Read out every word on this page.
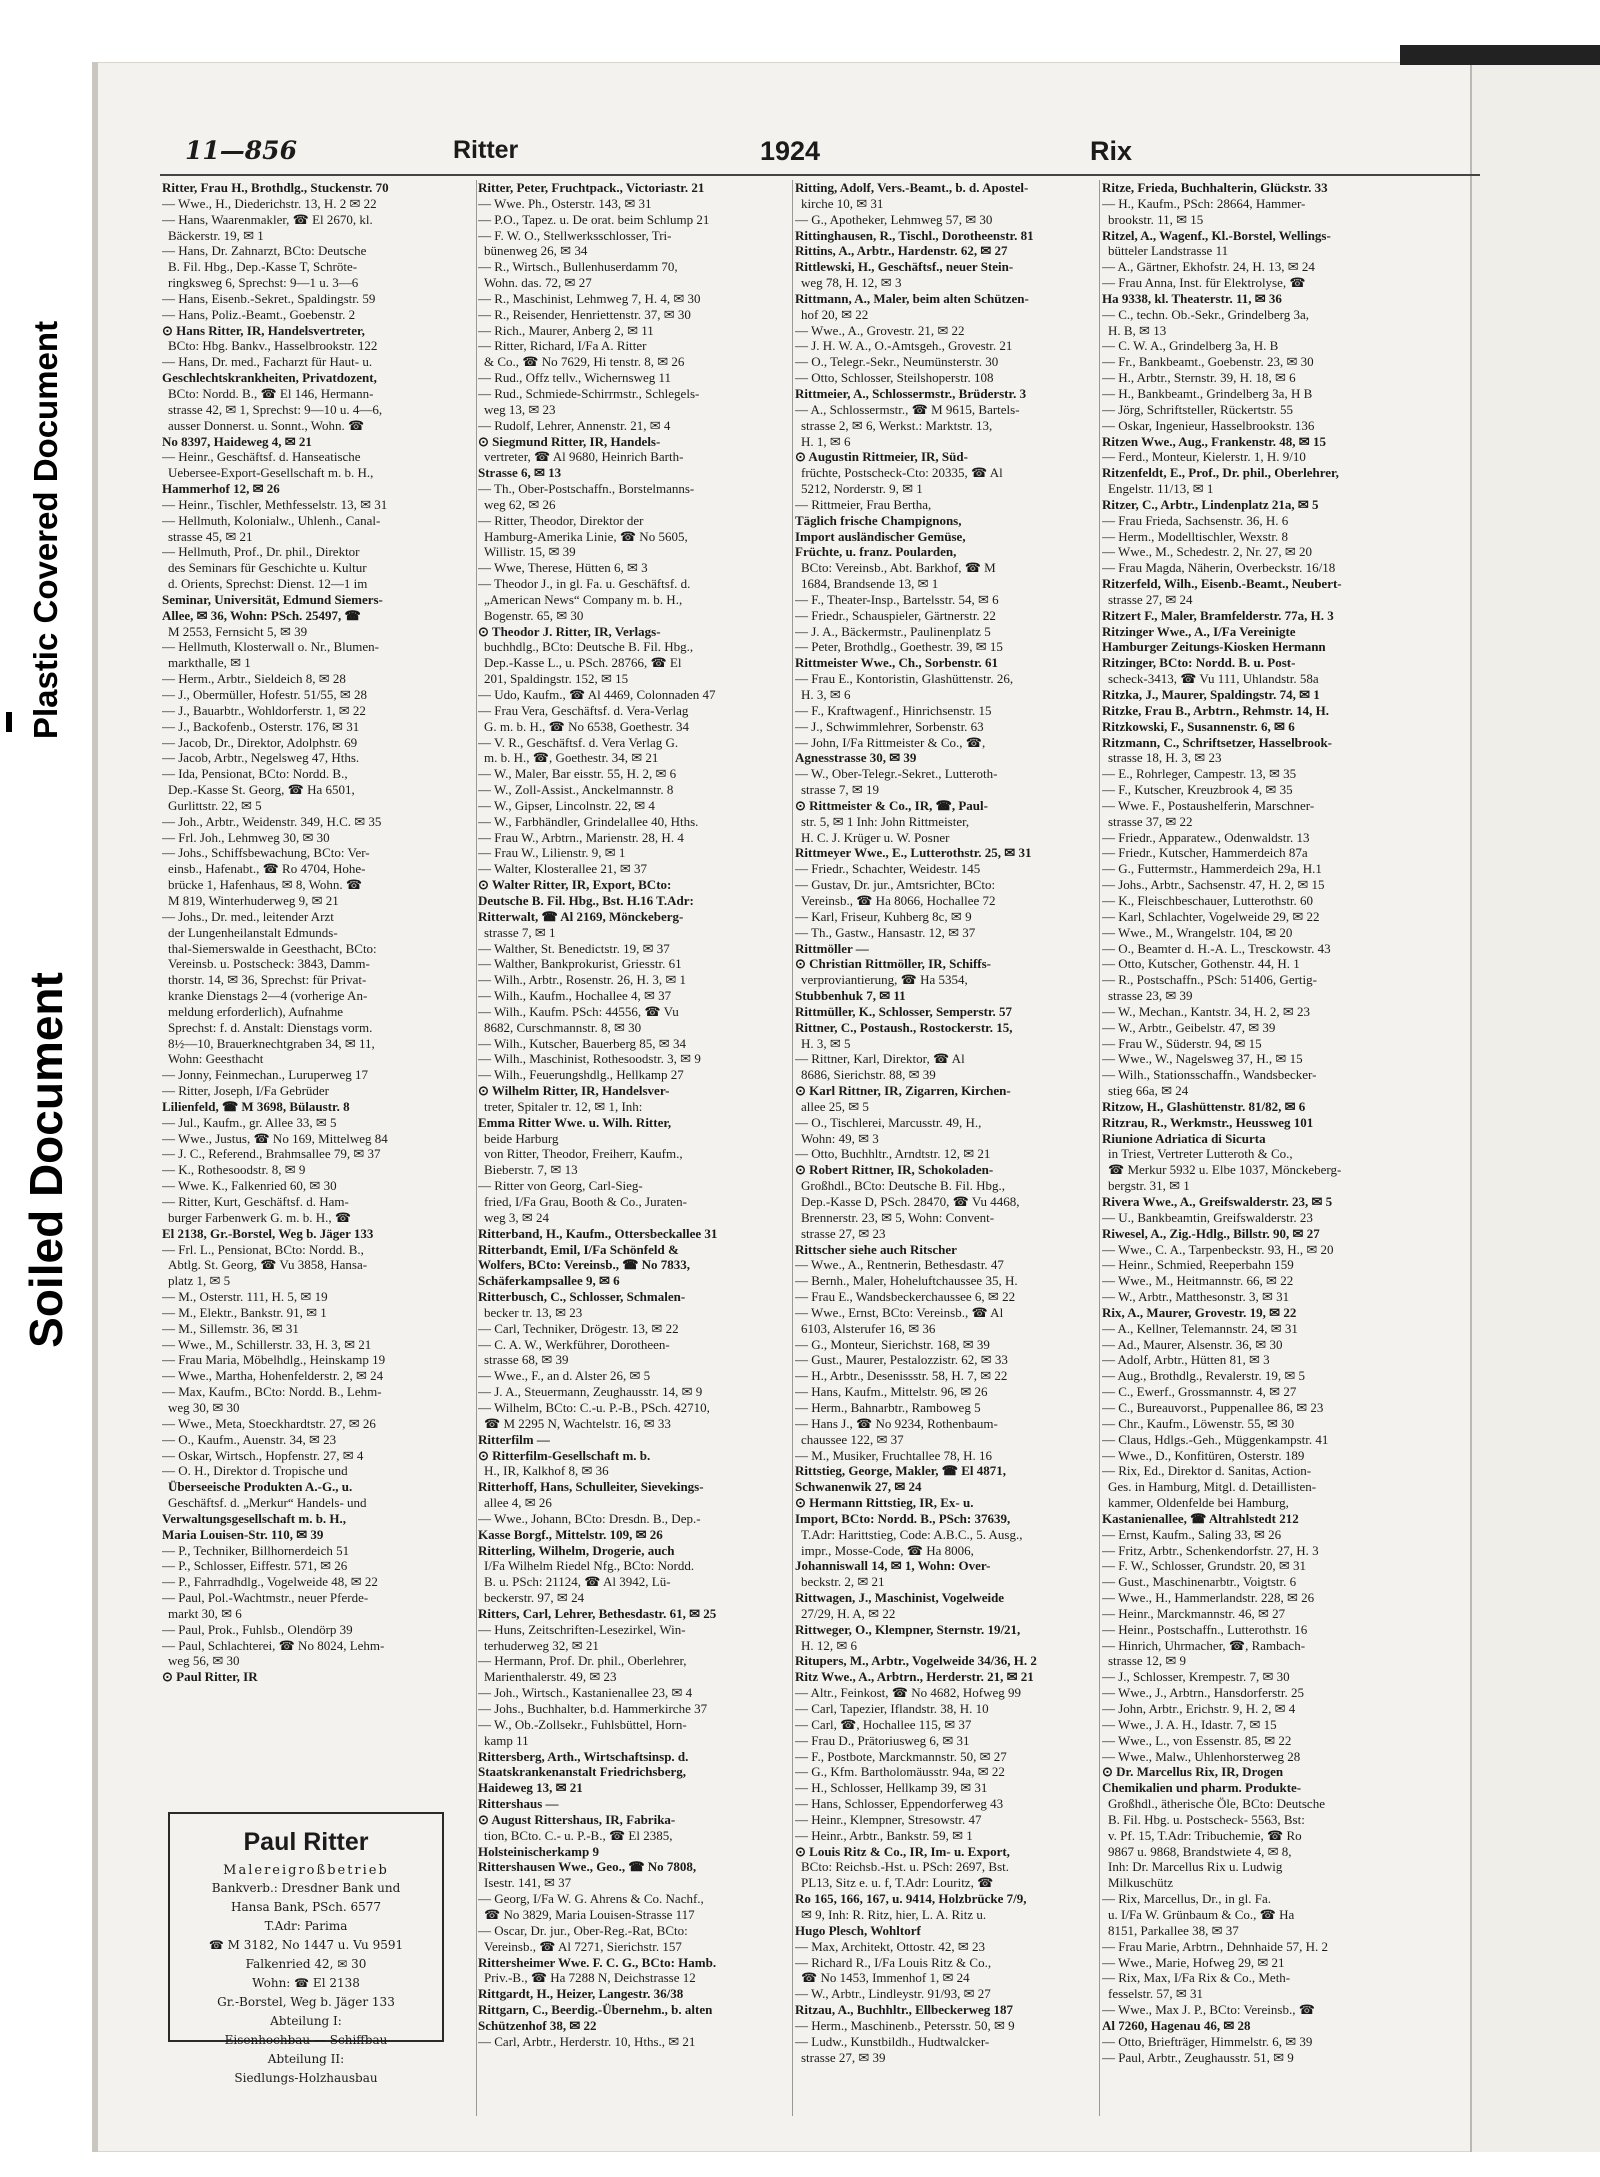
Plastic Covered Document
Soiled Document
11—856	Ritter	1924	Rix
Ritter, Frau H., Brothdlg., Stuckenstr. 70
— Wwe., H., Diederichstr. 13, H. 2 ✉ 22
— Hans, Waarenmakler, ☎ El 2670, kl.
Bäckerstr. 19, ✉ 1
— Hans, Dr. Zahnarzt, BCto: Deutsche
B. Fil. Hbg., Dep.-Kasse T, Schröte-
ringksweg 6, Sprechst: 9—1 u. 3—6
— Hans, Eisenb.-Sekret., Spaldingstr. 59
— Hans, Poliz.-Beamt., Goebenstr. 2
⊙ Hans Ritter, IR, Handelsvertreter,
BCto: Hbg. Bankv., Hasselbrookstr. 122
— Hans, Dr. med., Facharzt für Haut- u.
Geschlechtskrankheiten, Privatdozent,
BCto: Nordd. B., ☎ El 146, Hermann-
strasse 42, ✉ 1, Sprechst: 9—10 u. 4—6,
ausser Donnerst. u. Sonnt., Wohn. ☎
No 8397, Haideweg 4, ✉ 21
— Heinr., Geschäftsf. d. Hanseatische
Uebersee-Export-Gesellschaft m. b. H.,
Hammerhof 12, ✉ 26
— Heinr., Tischler, Methfesselstr. 13, ✉ 31
— Hellmuth, Kolonialw., Uhlenh., Canal-
strasse 45, ✉ 21
— Hellmuth, Prof., Dr. phil., Direktor
des Seminars für Geschichte u. Kultur
d. Orients, Sprechst: Dienst. 12—1 im
Seminar, Universität, Edmund Siemers-
Allee, ✉ 36, Wohn: PSch. 25497, ☎
M 2553, Fernsicht 5, ✉ 39
— Hellmuth, Klosterwall o. Nr., Blumen-
markthalle, ✉ 1
— Herm., Arbtr., Sieldeich 8, ✉ 28
— J., Obermüller, Hofestr. 51/55, ✉ 28
— J., Bauarbtr., Wohldorferstr. 1, ✉ 22
— J., Backofenb., Osterstr. 176, ✉ 31
— Jacob, Dr., Direktor, Adolphstr. 69
— Jacob, Arbtr., Negelsweg 47, Hths.
— Ida, Pensionat, BCto: Nordd. B.,
Dep.-Kasse St. Georg, ☎ Ha 6501,
Gurlittstr. 22, ✉ 5
— Joh., Arbtr., Weidenstr. 349, H.C. ✉ 35
— Frl. Joh., Lehmweg 30, ✉ 30
— Johs., Schiffsbewachung, BCto: Ver-
einsb., Hafenabt., ☎ Ro 4704, Hohe-
brücke 1, Hafenhaus, ✉ 8, Wohn. ☎
M 819, Winterhuderweg 9, ✉ 21
— Johs., Dr. med., leitender Arzt
der Lungenheilanstalt Edmunds-
thal-Siemerswalde in Geesthacht, BCto:
Vereinsb. u. Postscheck: 3843, Damm-
thorstr. 14, ✉ 36, Sprechst: für Privat-
kranke Dienstags 2—4 (vorherige An-
meldung erforderlich), Aufnahme
Sprechst: f. d. Anstalt: Dienstags vorm.
8½—10, Brauerknechtgraben 34, ✉ 11,
Wohn: Geesthacht
— Jonny, Feinmechan., Luruperweg 17
— Ritter, Joseph, I/Fa Gebrüder
Lilienfeld, ☎ M 3698, Bülaustr. 8
— Jul., Kaufm., gr. Allee 33, ✉ 5
— Wwe., Justus, ☎ No 169, Mittelweg 84
— J. C., Referend., Brahmsallee 79, ✉ 37
— K., Rothesoodstr. 8, ✉ 9
— Wwe. K., Falkenried 60, ✉ 30
— Ritter, Kurt, Geschäftsf. d. Ham-
burger Farbenwerk G. m. b. H., ☎
El 2138, Gr.-Borstel, Weg b. Jäger 133
— Frl. L., Pensionat, BCto: Nordd. B.,
Abtlg. St. Georg, ☎ Vu 3858, Hansa-
platz 1, ✉ 5
— M., Osterstr. 111, H. 5, ✉ 19
— M., Elektr., Bankstr. 91, ✉ 1
— M., Sillemstr. 36, ✉ 31
— Wwe., M., Schillerstr. 33, H. 3, ✉ 21
— Frau Maria, Möbelhdlg., Heinskamp 19
— Wwe., Martha, Hohenfelderstr. 2, ✉ 24
— Max, Kaufm., BCto: Nordd. B., Lehm-
weg 30, ✉ 30
— Wwe., Meta, Stoeckhardtstr. 27, ✉ 26
— O., Kaufm., Auenstr. 34, ✉ 23
— Oskar, Wirtsch., Hopfenstr. 27, ✉ 4
— O. H., Direktor d. Tropische und
Überseeische Produkten A.-G., u.
Geschäftsf. d. „Merkur“ Handels- und
Verwaltungsgesellschaft m. b. H.,
Maria Louisen-Str. 110, ✉ 39
— P., Techniker, Billhornerdeich 51
— P., Schlosser, Eiffestr. 571, ✉ 26
— P., Fahrradhdlg., Vogelweide 48, ✉ 22
— Paul, Pol.-Wachtmstr., neuer Pferde-
markt 30, ✉ 6
— Paul, Prok., Fuhlsb., Olendörp 39
— Paul, Schlachterei, ☎ No 8024, Lehm-
weg 56, ✉ 30
⊙ Paul Ritter, IR
Ritter, Peter, Fruchtpack., Victoriastr. 21
— Wwe. Ph., Osterstr. 143, ✉ 31
— P.O., Tapez. u. De orat. beim Schlump 21
— F. W. O., Stellwerksschlosser, Tri-
bünenweg 26, ✉ 34
— R., Wirtsch., Bullenhuserdamm 70,
Wohn. das. 72, ✉ 27
— R., Maschinist, Lehmweg 7, H. 4, ✉ 30
— R., Reisender, Henriettenstr. 37, ✉ 30
— Rich., Maurer, Anberg 2, ✉ 11
— Ritter, Richard, I/Fa A. Ritter
& Co., ☎ No 7629, Hi tenstr. 8, ✉ 26
— Rud., Offz tellv., Wichernsweg 11
— Rud., Schmiede-Schirrmstr., Schlegels-
weg 13, ✉ 23
— Rudolf, Lehrer, Annenstr. 21, ✉ 4
⊙ Siegmund Ritter, IR, Handels-
vertreter, ☎ Al 9680, Heinrich Barth-
Strasse 6, ✉ 13
— Th., Ober-Postschaffn., Borstelmanns-
weg 62, ✉ 26
— Ritter, Theodor, Direktor der
Hamburg-Amerika Linie, ☎ No 5605,
Willistr. 15, ✉ 39
— Wwe, Therese, Hütten 6, ✉ 3
— Theodor J., in gl. Fa. u. Geschäftsf. d.
„American News“ Company m. b. H.,
Bogenstr. 65, ✉ 30
⊙ Theodor J. Ritter, IR, Verlags-
buchhdlg., BCto: Deutsche B. Fil. Hbg.,
Dep.-Kasse L., u. PSch. 28766, ☎ El
201, Spaldingstr. 152, ✉ 15
— Udo, Kaufm., ☎ Al 4469, Colonnaden 47
— Frau Vera, Geschäftsf. d. Vera-Verlag
G. m. b. H., ☎ No 6538, Goethestr. 34
— V. R., Geschäftsf. d. Vera Verlag G.
m. b. H., ☎, Goethestr. 34, ✉ 21
— W., Maler, Bar eisstr. 55, H. 2, ✉ 6
— W., Zoll-Assist., Anckelmannstr. 8
— W., Gipser, Lincolnstr. 22, ✉ 4
— W., Farbhändler, Grindelallee 40, Hths.
— Frau W., Arbtrn., Marienstr. 28, H. 4
— Frau W., Lilienstr. 9, ✉ 1
— Walter, Klosterallee 21, ✉ 37
⊙ Walter Ritter, IR, Export, BCto:
Deutsche B. Fil. Hbg., Bst. H.16 T.Adr:
Ritterwalt, ☎ Al 2169, Mönckeberg-
strasse 7, ✉ 1
— Walther, St. Benedictstr. 19, ✉ 37
— Walther, Bankprokurist, Griesstr. 61
— Wilh., Arbtr., Rosenstr. 26, H. 3, ✉ 1
— Wilh., Kaufm., Hochallee 4, ✉ 37
— Wilh., Kaufm. PSch: 44556, ☎ Vu
8682, Curschmannstr. 8, ✉ 30
— Wilh., Kutscher, Bauerberg 85, ✉ 34
— Wilh., Maschinist, Rothesoodstr. 3, ✉ 9
— Wilh., Feuerungshdlg., Hellkamp 27
⊙ Wilhelm Ritter, IR, Handelsver-
treter, Spitaler tr. 12, ✉ 1, Inh:
Emma Ritter Wwe. u. Wilh. Ritter,
beide Harburg
von Ritter, Theodor, Freiherr, Kaufm.,
Bieberstr. 7, ✉ 13
— Ritter von Georg, Carl-Sieg-
fried, I/Fa Grau, Booth & Co., Juraten-
weg 3, ✉ 24
Ritterband, H., Kaufm., Ottersbeckallee 31
Ritterbandt, Emil, I/Fa Schönfeld &
Wolfers, BCto: Vereinsb., ☎ No 7833,
Schäferkampsallee 9, ✉ 6
Ritterbusch, C., Schlosser, Schmalen-
becker tr. 13, ✉ 23
— Carl, Techniker, Drögestr. 13, ✉ 22
— C. A. W., Werkführer, Dorotheen-
strasse 68, ✉ 39
— Wwe., F., an d. Alster 26, ✉ 5
— J. A., Steuermann, Zeughausstr. 14, ✉ 9
— Wilhelm, BCto: C.-u. P.-B., PSch. 42710,
☎ M 2295 N, Wachtelstr. 16, ✉ 33
Ritterfilm —
⊙ Ritterfilm-Gesellschaft m. b.
H., IR, Kalkhof 8, ✉ 36
Ritterhoff, Hans, Schulleiter, Sievekings-
allee 4, ✉ 26
— Wwe., Johann, BCto: Dresdn. B., Dep.-
Kasse Borgf., Mittelstr. 109, ✉ 26
Ritterling, Wilhelm, Drogerie, auch
I/Fa Wilhelm Riedel Nfg., BCto: Nordd.
B. u. PSch: 21124, ☎ Al 3942, Lü-
beckerstr. 97, ✉ 24
Ritters, Carl, Lehrer, Bethesdastr. 61, ✉ 25
— Huns, Zeitschriften-Lesezirkel, Win-
terhuderweg 32, ✉ 21
— Hermann, Prof. Dr. phil., Oberlehrer,
Marienthalerstr. 49, ✉ 23
— Joh., Wirtsch., Kastanienallee 23, ✉ 4
— Johs., Buchhalter, b.d. Hammerkirche 37
— W., Ob.-Zollsekr., Fuhlsbüttel, Horn-
kamp 11
Rittersberg, Arth., Wirtschaftsinsp. d.
Staatskrankenanstalt Friedrichsberg,
Haideweg 13, ✉ 21
Rittershaus —
⊙ August Rittershaus, IR, Fabrika-
tion, BCto. C.- u. P.-B., ☎ El 2385,
Holsteinischerkamp 9
Rittershausen Wwe., Geo., ☎ No 7808,
Isestr. 141, ✉ 37
— Georg, I/Fa W. G. Ahrens & Co. Nachf.,
☎ No 3829, Maria Louisen-Strasse 117
— Oscar, Dr. jur., Ober-Reg.-Rat, BCto:
Vereinsb., ☎ Al 7271, Sierichstr. 157
Rittersheimer Wwe. F. C. G., BCto: Hamb.
Priv.-B., ☎ Ha 7288 N, Deichstrasse 12
Rittgardt, H., Heizer, Langestr. 36/38
Rittgarn, C., Beerdig.-Übernehm., b. alten
Schützenhof 38, ✉ 22
— Carl, Arbtr., Herderstr. 10, Hths., ✉ 21
Ritting, Adolf, Vers.-Beamt., b. d. Apostel-
kirche 10, ✉ 31
— G., Apotheker, Lehmweg 57, ✉ 30
Rittinghausen, R., Tischl., Dorotheenstr. 81
Rittins, A., Arbtr., Hardenstr. 62, ✉ 27
Rittlewski, H., Geschäftsf., neuer Stein-
weg 78, H. 12, ✉ 3
Rittmann, A., Maler, beim alten Schützen-
hof 20, ✉ 22
— Wwe., A., Grovestr. 21, ✉ 22
— J. H. W. A., O.-Amtsgeh., Grovestr. 21
— O., Telegr.-Sekr., Neumünsterstr. 30
— Otto, Schlosser, Steilshoperstr. 108
Rittmeier, A., Schlossermstr., Brüderstr. 3
— A., Schlossermstr., ☎ M 9615, Bartels-
strasse 2, ✉ 6, Werkst.: Marktstr. 13,
H. 1, ✉ 6
⊙ Augustin Rittmeier, IR, Süd-
früchte, Postscheck-Cto: 20335, ☎ Al
5212, Norderstr. 9, ✉ 1
— Rittmeier, Frau Bertha,
Täglich frische Champignons,
Import ausländischer Gemüse,
Früchte, u. franz. Poularden,
BCto: Vereinsb., Abt. Barkhof, ☎ M
1684, Brandsende 13, ✉ 1
— F., Theater-Insp., Bartelsstr. 54, ✉ 6
— Friedr., Schauspieler, Gärtnerstr. 22
— J. A., Bäckermstr., Paulinenplatz 5
— Peter, Brothdlg., Goethestr. 39, ✉ 15
Rittmeister Wwe., Ch., Sorbenstr. 61
— Frau E., Kontoristin, Glashüttenstr. 26,
H. 3, ✉ 6
— F., Kraftwagenf., Hinrichsenstr. 15
— J., Schwimmlehrer, Sorbenstr. 63
— John, I/Fa Rittmeister & Co., ☎,
Agnesstrasse 30, ✉ 39
— W., Ober-Telegr.-Sekret., Lutteroth-
strasse 7, ✉ 19
⊙ Rittmeister & Co., IR, ☎, Paul-
str. 5, ✉ 1 Inh: John Rittmeister,
H. C. J. Krüger u. W. Posner
Rittmeyer Wwe., E., Lutterothstr. 25, ✉ 31
— Friedr., Schachter, Weidestr. 145
— Gustav, Dr. jur., Amtsrichter, BCto:
Vereinsb., ☎ Ha 8066, Hochallee 72
— Karl, Friseur, Kuhberg 8c, ✉ 9
— Th., Gastw., Hansastr. 12, ✉ 37
Rittmöller —
⊙ Christian Rittmöller, IR, Schiffs-
verproviantierung, ☎ Ha 5354,
Stubbenhuk 7, ✉ 11
Rittmüller, K., Schlosser, Semperstr. 57
Rittner, C., Postaush., Rostockerstr. 15,
H. 3, ✉ 5
— Rittner, Karl, Direktor, ☎ Al
8686, Sierichstr. 88, ✉ 39
⊙ Karl Rittner, IR, Zigarren, Kirchen-
allee 25, ✉ 5
— O., Tischlerei, Marcusstr. 49, H.,
Wohn: 49, ✉ 3
— Otto, Buchhltr., Arndtstr. 12, ✉ 21
⊙ Robert Rittner, IR, Schokoladen-
Großhdl., BCto: Deutsche B. Fil. Hbg.,
Dep.-Kasse D, PSch. 28470, ☎ Vu 4468,
Brennerstr. 23, ✉ 5, Wohn: Convent-
strasse 27, ✉ 23
Rittscher siehe auch Ritscher
— Wwe., A., Rentnerin, Bethesdastr. 47
— Bernh., Maler, Hoheluftchaussee 35, H.
— Frau E., Wandsbeckerchaussee 6, ✉ 22
— Wwe., Ernst, BCto: Vereinsb., ☎ Al
6103, Alsterufer 16, ✉ 36
— G., Monteur, Sierichstr. 168, ✉ 39
— Gust., Maurer, Pestalozzistr. 62, ✉ 33
— H., Arbtr., Desenissstr. 58, H. 7, ✉ 22
— Hans, Kaufm., Mittelstr. 96, ✉ 26
— Herm., Bahnarbtr., Ramboweg 5
— Hans J., ☎ No 9234, Rothenbaum-
chaussee 122, ✉ 37
— M., Musiker, Fruchtallee 78, H. 16
Rittstieg, George, Makler, ☎ El 4871,
Schwanenwik 27, ✉ 24
⊙ Hermann Rittstieg, IR, Ex- u.
Import, BCto: Nordd. B., PSch: 37639,
T.Adr: Harittstieg, Code: A.B.C., 5. Ausg.,
impr., Mosse-Code, ☎ Ha 8006,
Johanniswall 14, ✉ 1, Wohn: Over-
beckstr. 2, ✉ 21
Rittwagen, J., Maschinist, Vogelweide
27/29, H. A, ✉ 22
Rittweger, O., Klempner, Sternstr. 19/21,
H. 12, ✉ 6
Ritupers, M., Arbtr., Vogelweide 34/36, H. 2
Ritz Wwe., A., Arbtrn., Herderstr. 21, ✉ 21
— Altr., Feinkost, ☎ No 4682, Hofweg 99
— Carl, Tapezier, Iflandstr. 38, H. 10
— Carl, ☎, Hochallee 115, ✉ 37
— Frau D., Prätoriusweg 6, ✉ 31
— F., Postbote, Marckmannstr. 50, ✉ 27
— G., Kfm. Bartholomäusstr. 94a, ✉ 22
— H., Schlosser, Hellkamp 39, ✉ 31
— Hans, Schlosser, Eppendorferweg 43
— Heinr., Klempner, Stresowstr. 47
— Heinr., Arbtr., Bankstr. 59, ✉ 1
⊙ Louis Ritz & Co., IR, Im- u. Export,
BCto: Reichsb.-Hst. u. PSch: 2697, Bst.
PL13, Sitz e. u. f, T.Adr: Louritz, ☎
Ro 165, 166, 167, u. 9414, Holzbrücke 7/9,
✉ 9, Inh: R. Ritz, hier, L. A. Ritz u.
Hugo Plesch, Wohltorf
— Max, Architekt, Ottostr. 42, ✉ 23
— Richard R., I/Fa Louis Ritz & Co.,
☎ No 1453, Immenhof 1, ✉ 24
— W., Arbtr., Lindleystr. 91/93, ✉ 27
Ritzau, A., Buchhltr., Ellbeckerweg 187
— Herm., Maschinenb., Petersstr. 50, ✉ 9
— Ludw., Kunstbildh., Hudtwalcker-
strasse 27, ✉ 39
Ritze, Frieda, Buchhalterin, Glückstr. 33
— H., Kaufm., PSch: 28664, Hammer-
brookstr. 11, ✉ 15
Ritzel, A., Wagenf., Kl.-Borstel, Wellings-
bütteler Landstrasse 11
— A., Gärtner, Ekhofstr. 24, H. 13, ✉ 24
— Frau Anna, Inst. für Elektrolyse, ☎
Ha 9338, kl. Theaterstr. 11, ✉ 36
— C., techn. Ob.-Sekr., Grindelberg 3a,
H. B, ✉ 13
— C. W. A., Grindelberg 3a, H. B
— Fr., Bankbeamt., Goebenstr. 23, ✉ 30
— H., Arbtr., Sternstr. 39, H. 18, ✉ 6
— H., Bankbeamt., Grindelberg 3a, H B
— Jörg, Schriftsteller, Rückertstr. 55
— Oskar, Ingenieur, Hasselbrookstr. 136
Ritzen Wwe., Aug., Frankenstr. 48, ✉ 15
— Ferd., Monteur, Kielerstr. 1, H. 9/10
Ritzenfeldt, E., Prof., Dr. phil., Oberlehrer,
Engelstr. 11/13, ✉ 1
Ritzer, C., Arbtr., Lindenplatz 21a, ✉ 5
— Frau Frieda, Sachsenstr. 36, H. 6
— Herm., Modelltischler, Wexstr. 8
— Wwe., M., Schedestr. 2, Nr. 27, ✉ 20
— Frau Magda, Näherin, Overbeckstr. 16/18
Ritzerfeld, Wilh., Eisenb.-Beamt., Neubert-
strasse 27, ✉ 24
Ritzert F., Maler, Bramfelderstr. 77a, H. 3
Ritzinger Wwe., A., I/Fa Vereinigte
Hamburger Zeitungs-Kiosken Hermann
Ritzinger, BCto: Nordd. B. u. Post-
scheck-3413, ☎ Vu 111, Uhlandstr. 58a
Ritzka, J., Maurer, Spaldingstr. 74, ✉ 1
Ritzke, Frau B., Arbtrn., Rehmstr. 14, H.
Ritzkowski, F., Susannenstr. 6, ✉ 6
Ritzmann, C., Schriftsetzer, Hasselbrook-
strasse 18, H. 3, ✉ 23
— E., Rohrleger, Campestr. 13, ✉ 35
— F., Kutscher, Kreuzbrook 4, ✉ 35
— Wwe. F., Postaushelferin, Marschner-
strasse 37, ✉ 22
— Friedr., Apparatew., Odenwaldstr. 13
— Friedr., Kutscher, Hammerdeich 87a
— G., Futtermstr., Hammerdeich 29a, H.1
— Johs., Arbtr., Sachsenstr. 47, H. 2, ✉ 15
— K., Fleischbeschauer, Lutterothstr. 60
— Karl, Schlachter, Vogelweide 29, ✉ 22
— Wwe., M., Wrangelstr. 104, ✉ 20
— O., Beamter d. H.-A. L., Tresckowstr. 43
— Otto, Kutscher, Gothenstr. 44, H. 1
— R., Postschaffn., PSch: 51406, Gertig-
strasse 23, ✉ 39
— W., Mechan., Kantstr. 34, H. 2, ✉ 23
— W., Arbtr., Geibelstr. 47, ✉ 39
— Frau W., Süderstr. 94, ✉ 15
— Wwe., W., Nagelsweg 37, H., ✉ 15
— Wilh., Stationsschaffn., Wandsbecker-
stieg 66a, ✉ 24
Ritzow, H., Glashüttenstr. 81/82, ✉ 6
Ritzrau, R., Werkmstr., Heussweg 101
Riunione Adriatica di Sicurta
in Triest, Vertreter Lutteroth & Co.,
☎ Merkur 5932 u. Elbe 1037, Mönckeberg-
bergstr. 31, ✉ 1
Rivera Wwe., A., Greifswalderstr. 23, ✉ 5
— U., Bankbeamtin, Greifswalderstr. 23
Riwesel, A., Zig.-Hdlg., Billstr. 90, ✉ 27
— Wwe., C. A., Tarpenbeckstr. 93, H., ✉ 20
— Heinr., Schmied, Reeperbahn 159
— Wwe., M., Heitmannstr. 66, ✉ 22
— W., Arbtr., Matthesonstr. 3, ✉ 31
Rix, A., Maurer, Grovestr. 19, ✉ 22
— A., Kellner, Telemannstr. 24, ✉ 31
— Ad., Maurer, Alsenstr. 36, ✉ 30
— Adolf, Arbtr., Hütten 81, ✉ 3
— Aug., Brothdlg., Revalerstr. 19, ✉ 5
— C., Ewerf., Grossmannstr. 4, ✉ 27
— C., Bureauvorst., Puppenallee 86, ✉ 23
— Chr., Kaufm., Löwenstr. 55, ✉ 30
— Claus, Hdlgs.-Geh., Müggenkampstr. 41
— Wwe., D., Konfitüren, Osterstr. 189
— Rix, Ed., Direktor d. Sanitas, Action-
Ges. in Hamburg, Mitgl. d. Detaillisten-
kammer, Oldenfelde bei Hamburg,
Kastanienallee, ☎ Altrahlstedt 212
— Ernst, Kaufm., Saling 33, ✉ 26
— Fritz, Arbtr., Schenkendorfstr. 27, H. 3
— F. W., Schlosser, Grundstr. 20, ✉ 31
— Gust., Maschinenarbtr., Voigtstr. 6
— Wwe., H., Hammerlandstr. 228, ✉ 26
— Heinr., Marckmannstr. 46, ✉ 27
— Heinr., Postschaffn., Lutterothstr. 16
— Hinrich, Uhrmacher, ☎, Rambach-
strasse 12, ✉ 9
— J., Schlosser, Krempestr. 7, ✉ 30
— Wwe., J., Arbtrn., Hansdorferstr. 25
— John, Arbtr., Erichstr. 9, H. 2, ✉ 4
— Wwe., J. A. H., Idastr. 7, ✉ 15
— Wwe., L., von Essenstr. 85, ✉ 22
— Wwe., Malw., Uhlenhorsterweg 28
⊙ Dr. Marcellus Rix, IR, Drogen
Chemikalien und pharm. Produkte-
Großhdl., ätherische Öle, BCto: Deutsche
B. Fil. Hbg. u. Postscheck- 5563, Bst:
v. Pf. 15, T.Adr: Tribuchemie, ☎ Ro
9867 u. 9868, Brandstwiete 4, ✉ 8,
Inh: Dr. Marcellus Rix u. Ludwig
Milkuschütz
— Rix, Marcellus, Dr., in gl. Fa.
u. I/Fa W. Grünbaum & Co., ☎ Ha
8151, Parkallee 38, ✉ 37
— Frau Marie, Arbtrn., Dehnhaide 57, H. 2
— Wwe., Marie, Hofweg 29, ✉ 21
— Rix, Max, I/Fa Rix & Co., Meth-
fesselstr. 57, ✉ 31
— Wwe., Max J. P., BCto: Vereinsb., ☎
Al 7260, Hagenau 46, ✉ 28
— Otto, Briefträger, Himmelstr. 6, ✉ 39
— Paul, Arbtr., Zeughausstr. 51, ✉ 9
Paul Ritter
Malereigroßbetrieb
Bankverb.: Dresdner Bank und
Hansa Bank, PSch. 6577
T.Adr: Parima
☎ M 3182, No 1447 u. Vu 9591
Falkenried 42, ✉ 30
Wohn: ☎ El 2138
Gr.-Borstel, Weg b. Jäger 133
Abteilung I:
Eisenhochbau — Schiffbau
Abteilung II:
Siedlungs-Holzhausbau
